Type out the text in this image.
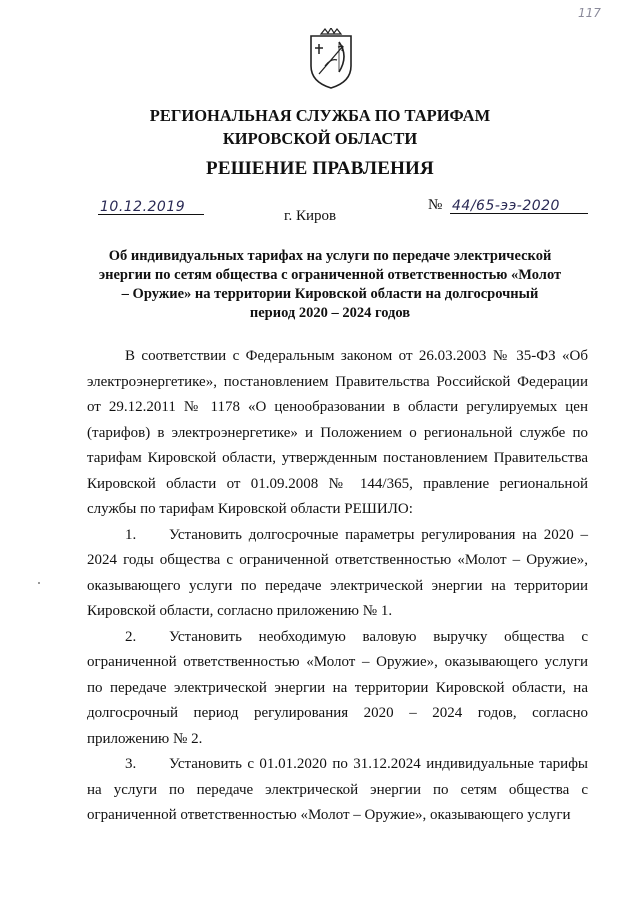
117
РЕГИОНАЛЬНАЯ СЛУЖБА ПО ТАРИФАМ
КИРОВСКОЙ ОБЛАСТИ
РЕШЕНИЕ ПРАВЛЕНИЯ
10.12.2019	№ 44/65-ээ-2020
г. Киров
Об индивидуальных тарифах на услуги по передаче электрической
энергии по сетям общества с ограниченной ответственностью «Молот
– Оружие» на территории Кировской области на долгосрочный
период 2020 – 2024 годов

В соответствии с Федеральным законом от 26.03.2003 № 35-ФЗ «Об электроэнергетике», постановлением Правительства Российской Федерации от 29.12.2011 № 1178 «О ценообразовании в области регулируемых цен (тарифов) в электроэнергетике» и Положением о региональной службе по тарифам Кировской области, утвержденным постановлением Правительства Кировской области от 01.09.2008 № 144/365, правление региональной службы по тарифам Кировской области РЕШИЛО:

1. Установить долгосрочные параметры регулирования на 2020 – 2024 годы общества с ограниченной ответственностью «Молот – Оружие», оказывающего услуги по передаче электрической энергии на территории Кировской области, согласно приложению № 1.

2. Установить необходимую валовую выручку общества с ограниченной ответственностью «Молот – Оружие», оказывающего услуги по передаче электрической энергии на территории Кировской области, на долгосрочный период регулирования 2020 – 2024 годов, согласно приложению № 2.

3. Установить с 01.01.2020 по 31.12.2024 индивидуальные тарифы на услуги по передаче электрической энергии по сетям общества с ограниченной ответственностью «Молот – Оружие», оказывающего услуги
